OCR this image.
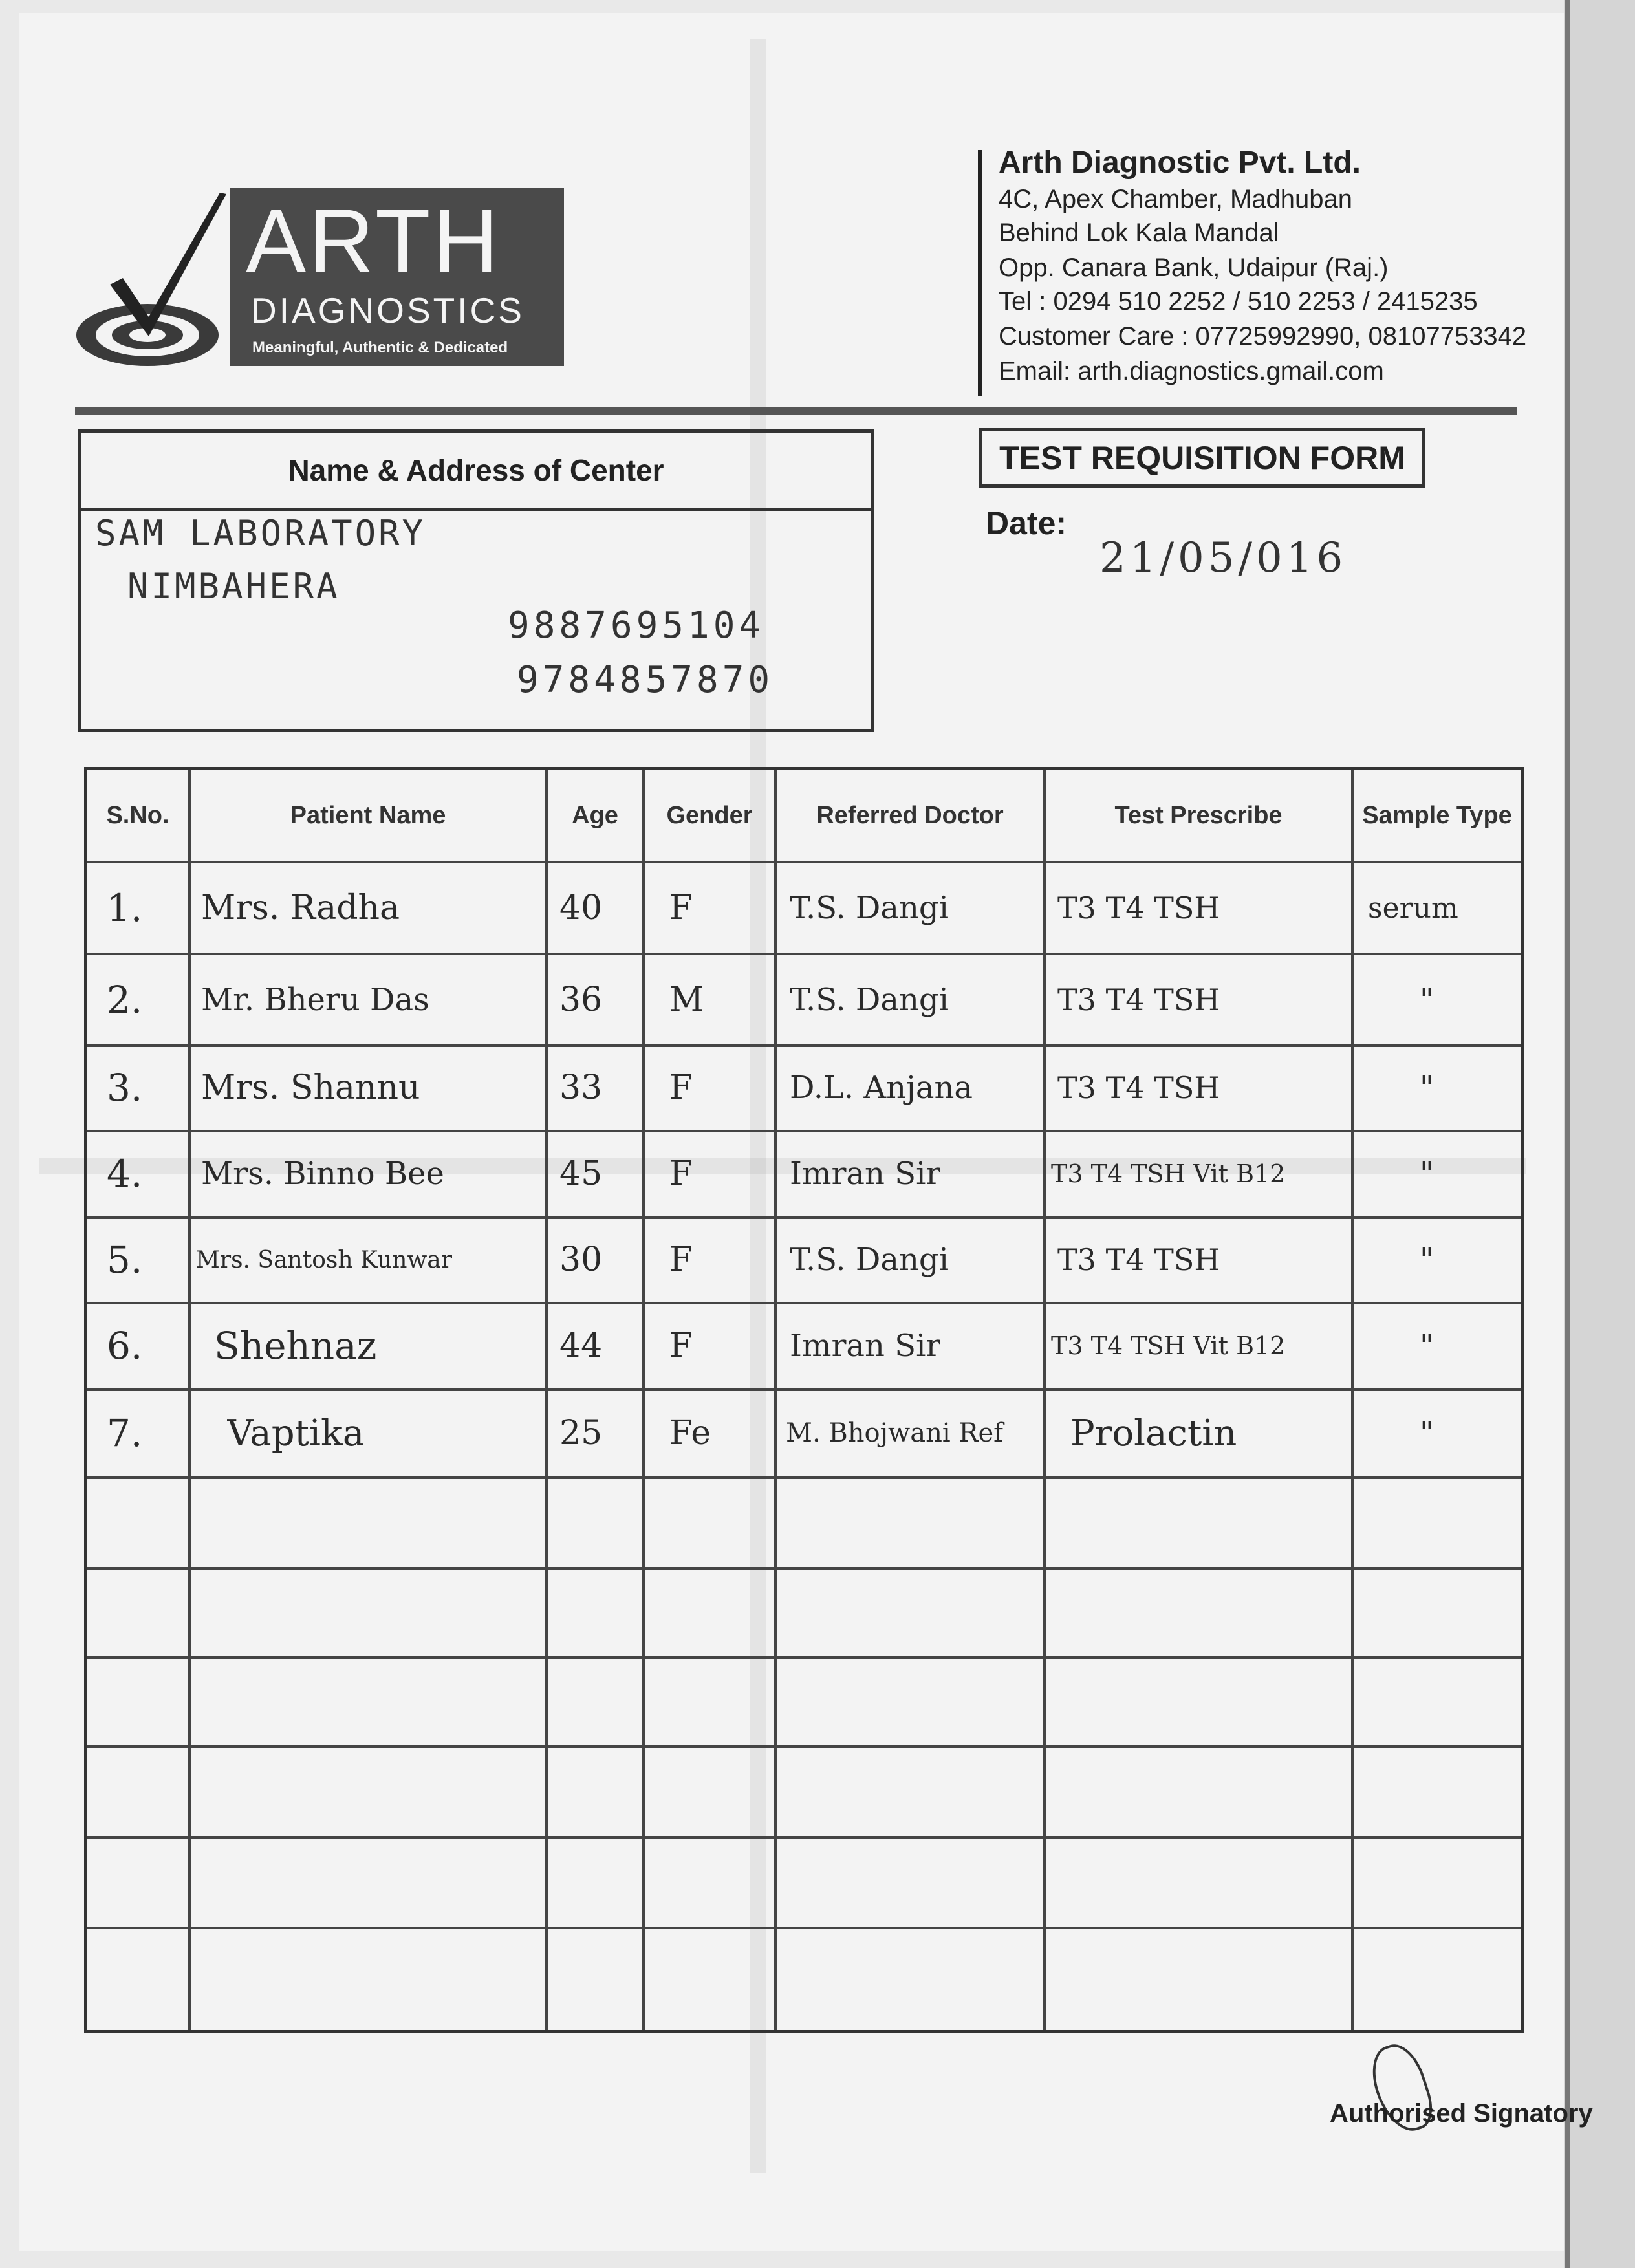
ARTH
DIAGNOSTICS
Meaningful, Authentic & Dedicated
Arth Diagnostic Pvt. Ltd.
4C, Apex Chamber, Madhuban
Behind Lok Kala Mandal
Opp. Canara Bank, Udaipur (Raj.)
Tel : 0294 510 2252 / 510 2253 / 2415235
Customer Care : 07725992990, 08107753342
Email: arth.diagnostics.gmail.com
Name & Address of Center
SAM LABORATORY
NIMBAHERA
9887695104
9784857870
TEST REQUISITION FORM
Date:
21/05/016
S.No.	Patient Name	Age	Gender	Referred Doctor	Test Prescribe	Sample Type
1. Mrs. Radha	40 F	T.S. Dangi	T3 T4 TSH	serum
2. Mr. Bheru Das	36 M	T.S. Dangi	T3 T4 TSH	"
3. Mrs. Shannu	33 F	D.L. Anjana	T3 T4 TSH	"
4. Mrs. Binno Bee	45 F	Imran Sir	T3 T4 TSH Vit B12	"
5. Mrs. Santosh Kunwar	30 F	T.S. Dangi	T3 T4 TSH	"
6. Shehnaz	44 F	Imran Sir	T3 T4 TSH Vit B12	"
7. Vaptika	25 Fe	M. Bhojwani Ref	Prolactin	"
Authorised Signatory
